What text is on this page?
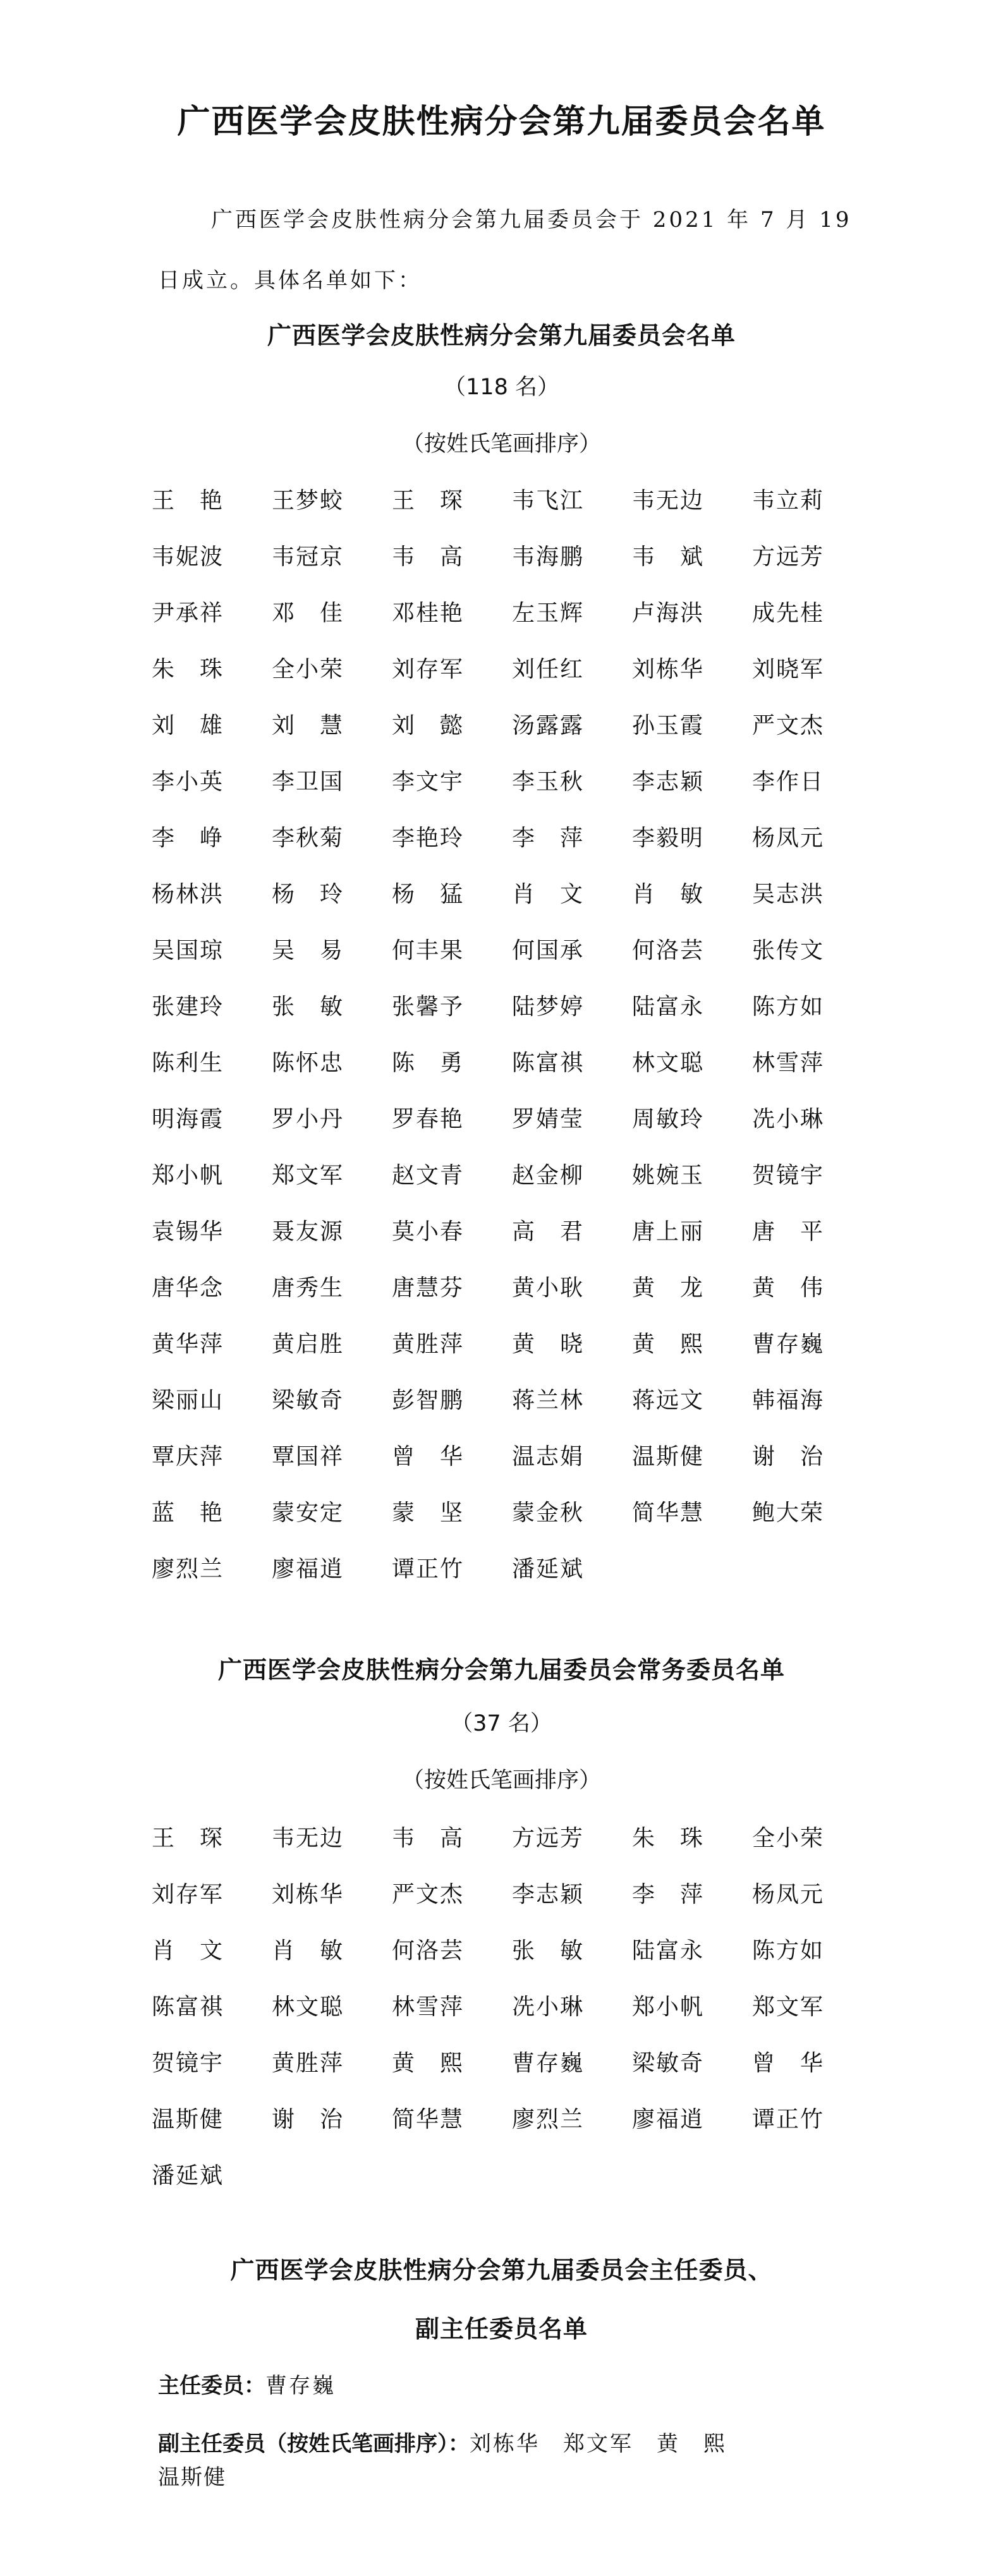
广西医学会皮肤性病分会第九届委员会名单

广西医学会皮肤性病分会第九届委员会于 2021 年 7 月 19 日成立。具体名单如下：

广西医学会皮肤性病分会第九届委员会名单

（118 名）

（按姓氏笔画排序）

王　艳	王梦蛟	王　琛	韦飞江	韦无边	韦立莉
韦妮波	韦冠京	韦　高	韦海鹏	韦　斌	方远芳
尹承祥	邓　佳	邓桂艳	左玉辉	卢海洪	成先桂
朱　珠	全小荣	刘存军	刘任红	刘栋华	刘晓军
刘　雄	刘　慧	刘　懿	汤露露	孙玉霞	严文杰
李小英	李卫国	李文宇	李玉秋	李志颖	李作日
李　峥	李秋菊	李艳玲	李　萍	李毅明	杨凤元
杨林洪	杨　玲	杨　猛	肖　文	肖　敏	吴志洪
吴国琼	吴　易	何丰果	何国承	何洛芸	张传文
张建玲	张　敏	张馨予	陆梦婷	陆富永	陈方如
陈利生	陈怀忠	陈　勇	陈富祺	林文聪	林雪萍
明海霞	罗小丹	罗春艳	罗婧莹	周敏玲	冼小琳
郑小帆	郑文军	赵文青	赵金柳	姚婉玉	贺镜宇
袁锡华	聂友源	莫小春	高　君	唐上丽	唐　平
唐华念	唐秀生	唐慧芬	黄小耿	黄　龙	黄　伟
黄华萍	黄启胜	黄胜萍	黄　晓	黄　熙	曹存巍
梁丽山	梁敏奇	彭智鹏	蒋兰林	蒋远文	韩福海
覃庆萍	覃国祥	曾　华	温志娟	温斯健	谢　治
蓝　艳	蒙安定	蒙　坚	蒙金秋	简华慧	鲍大荣
廖烈兰	廖福逍	谭正竹	潘延斌
广西医学会皮肤性病分会第九届委员会常务委员名单

（37 名）

（按姓氏笔画排序）

王　琛	韦无边	韦　高	方远芳	朱　珠	全小荣
刘存军	刘栋华	严文杰	李志颖	李　萍	杨凤元
肖　文	肖　敏	何洛芸	张　敏	陆富永	陈方如
陈富祺	林文聪	林雪萍	冼小琳	郑小帆	郑文军
贺镜宇	黄胜萍	黄　熙	曹存巍	梁敏奇	曾　华
温斯健	谢　治	简华慧	廖烈兰	廖福逍	谭正竹
潘延斌
广西医学会皮肤性病分会第九届委员会主任委员、
副主任委员名单

主任委员：曹存巍

副主任委员（按姓氏笔画排序）：刘栋华　郑文军　黄　熙

温斯健
